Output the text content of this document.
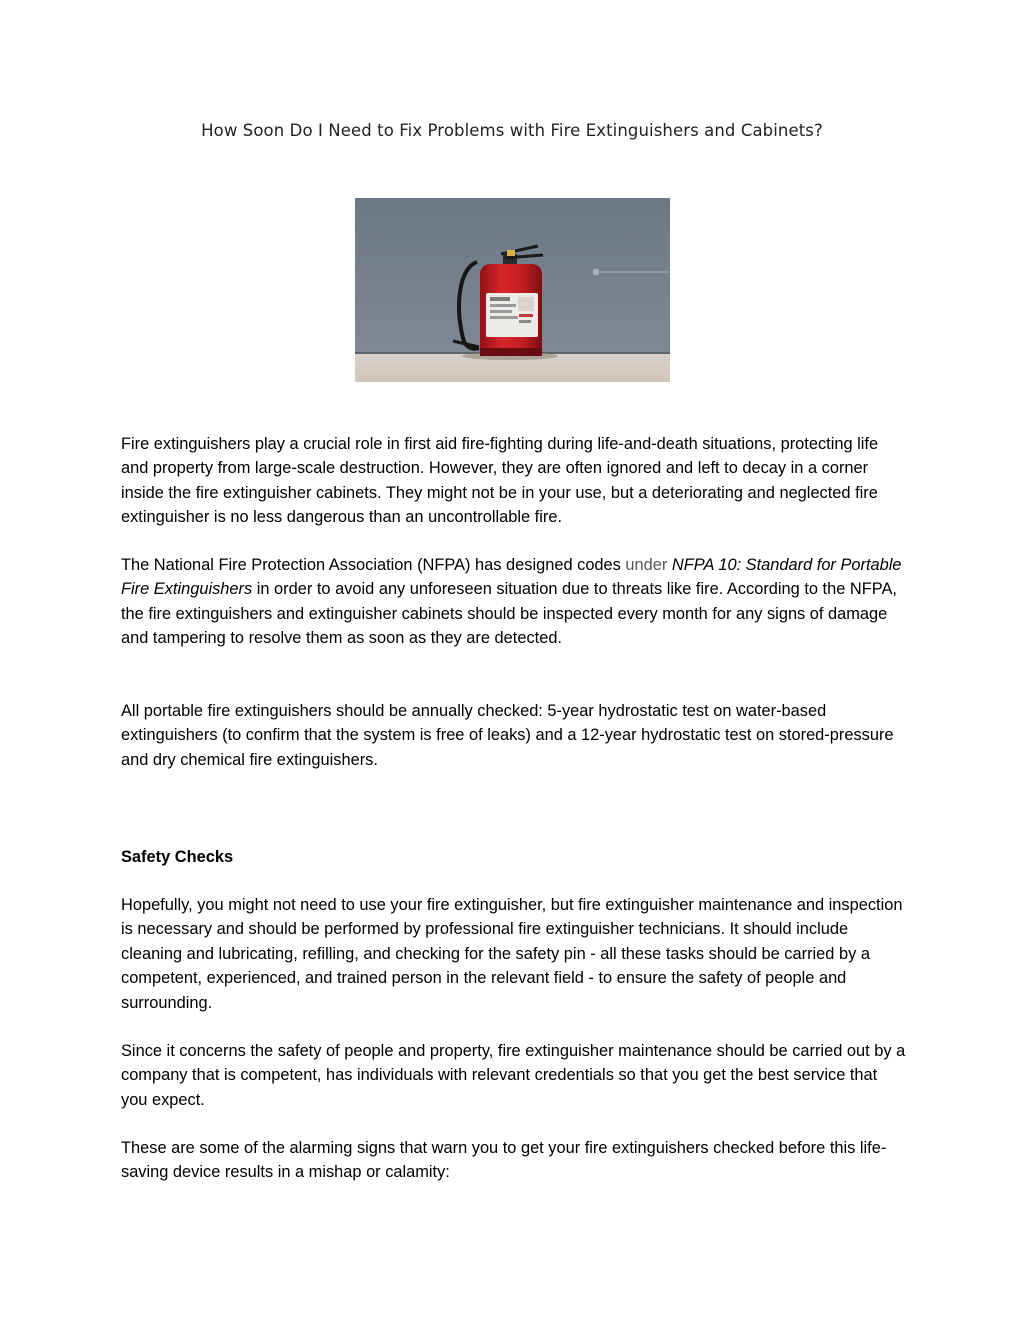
How Soon Do I Need to Fix Problems with Fire Extinguishers and Cabinets?

Fire extinguishers play a crucial role in first aid fire-fighting during life-and-death situations, protecting life and property from large-scale destruction. However, they are often ignored and left to decay in a corner inside the fire extinguisher cabinets. They might not be in your use, but a deteriorating and neglected fire extinguisher is no less dangerous than an uncontrollable fire.

The National Fire Protection Association (NFPA) has designed codes under NFPA 10: Standard for Portable Fire Extinguishers in order to avoid any unforeseen situation due to threats like fire. According to the NFPA, the fire extinguishers and extinguisher cabinets should be inspected every month for any signs of damage and tampering to resolve them as soon as they are detected.

All portable fire extinguishers should be annually checked: 5-year hydrostatic test on water-based extinguishers (to confirm that the system is free of leaks) and a 12-year hydrostatic test on stored-pressure and dry chemical fire extinguishers.

Safety Checks

Hopefully, you might not need to use your fire extinguisher, but fire extinguisher maintenance and inspection is necessary and should be performed by professional fire extinguisher technicians. It should include cleaning and lubricating, refilling, and checking for the safety pin - all these tasks should be carried by a competent, experienced, and trained person in the relevant field - to ensure the safety of people and surrounding.

Since it concerns the safety of people and property, fire extinguisher maintenance should be carried out by a company that is competent, has individuals with relevant credentials so that you get the best service that you expect.

These are some of the alarming signs that warn you to get your fire extinguishers checked before this life-saving device results in a mishap or calamity:
